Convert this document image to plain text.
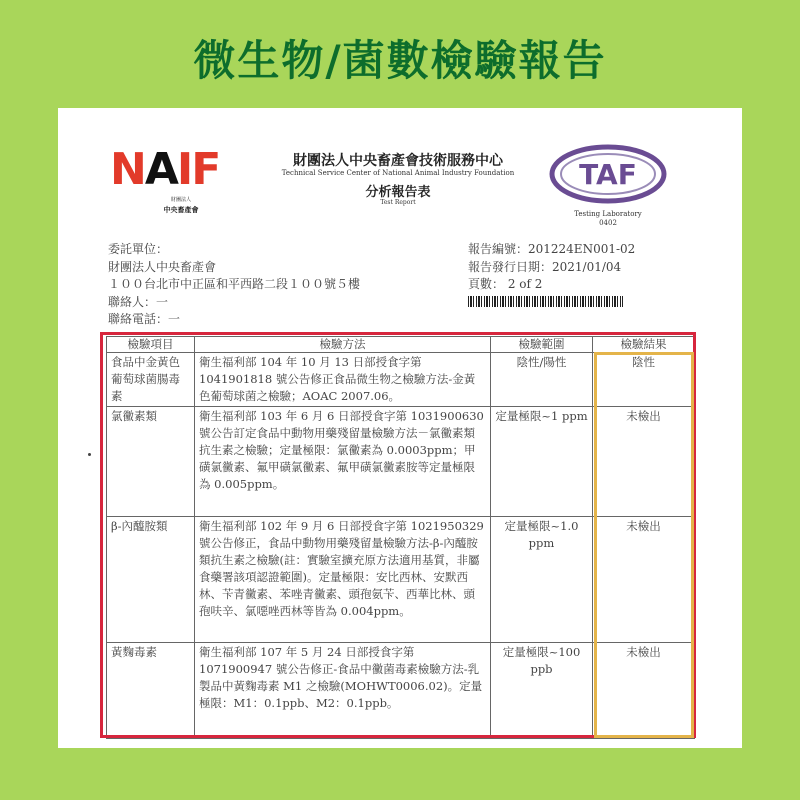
微生物/菌數檢驗報告
NAIF
財團法人
中央畜產會
財團法人中央畜產會技術服務中心
Technical Service Center of National Animal Industry Foundation
分析報告表
Test Report
TAF
Testing Laboratory
0402
委託單位：
財團法人中央畜產會
１００台北市中正區和平西路二段１００號５樓
聯絡人：一
聯絡電話：一
報告編號：201224EN001-02
報告發行日期：2021/01/04
頁數： 2 of 2
檢驗項目	檢驗方法	檢驗範圍	檢驗結果
食品中金黃色葡萄球菌腸毒素	衛生福利部 104 年 10 月 13 日部授食字第 1041901818 號公告修正食品微生物之檢驗方法-金黃色葡萄球菌之檢驗；AOAC 2007.06。	陰性/陽性	陰性
氯黴素類	衛生福利部 103 年 6 月 6 日部授食字第 1031900630 號公告訂定食品中動物用藥殘留量檢驗方法－氯黴素類抗生素之檢驗；定量極限：氯黴素為 0.0003ppm；甲磺氯黴素、氟甲磺氯黴素、氟甲磺氯黴素胺等定量極限為 0.005ppm。	定量極限~1 ppm	未檢出
β-內醯胺類	衛生福利部 102 年 9 月 6 日部授食字第 1021950329 號公告修正，食品中動物用藥殘留量檢驗方法-β-內醯胺類抗生素之檢驗(註：實驗室擴充原方法適用基質，非屬食藥署該項認證範圍)。定量極限：安比西林、安默西林、苄青黴素、苯唑青黴素、頭孢氨苄、西華比林、頭孢呋辛、氯噁唑西林等皆為 0.004ppm。	定量極限~1.0 ppm	未檢出
黃麴毒素	衛生福利部 107 年 5 月 24 日部授食字第 1071900947 號公告修正-食品中黴菌毒素檢驗方法-乳製品中黃麴毒素 M1 之檢驗(MOHWT0006.02)。定量極限：M1：0.1ppb、M2：0.1ppb。	定量極限~100 ppb	未檢出
